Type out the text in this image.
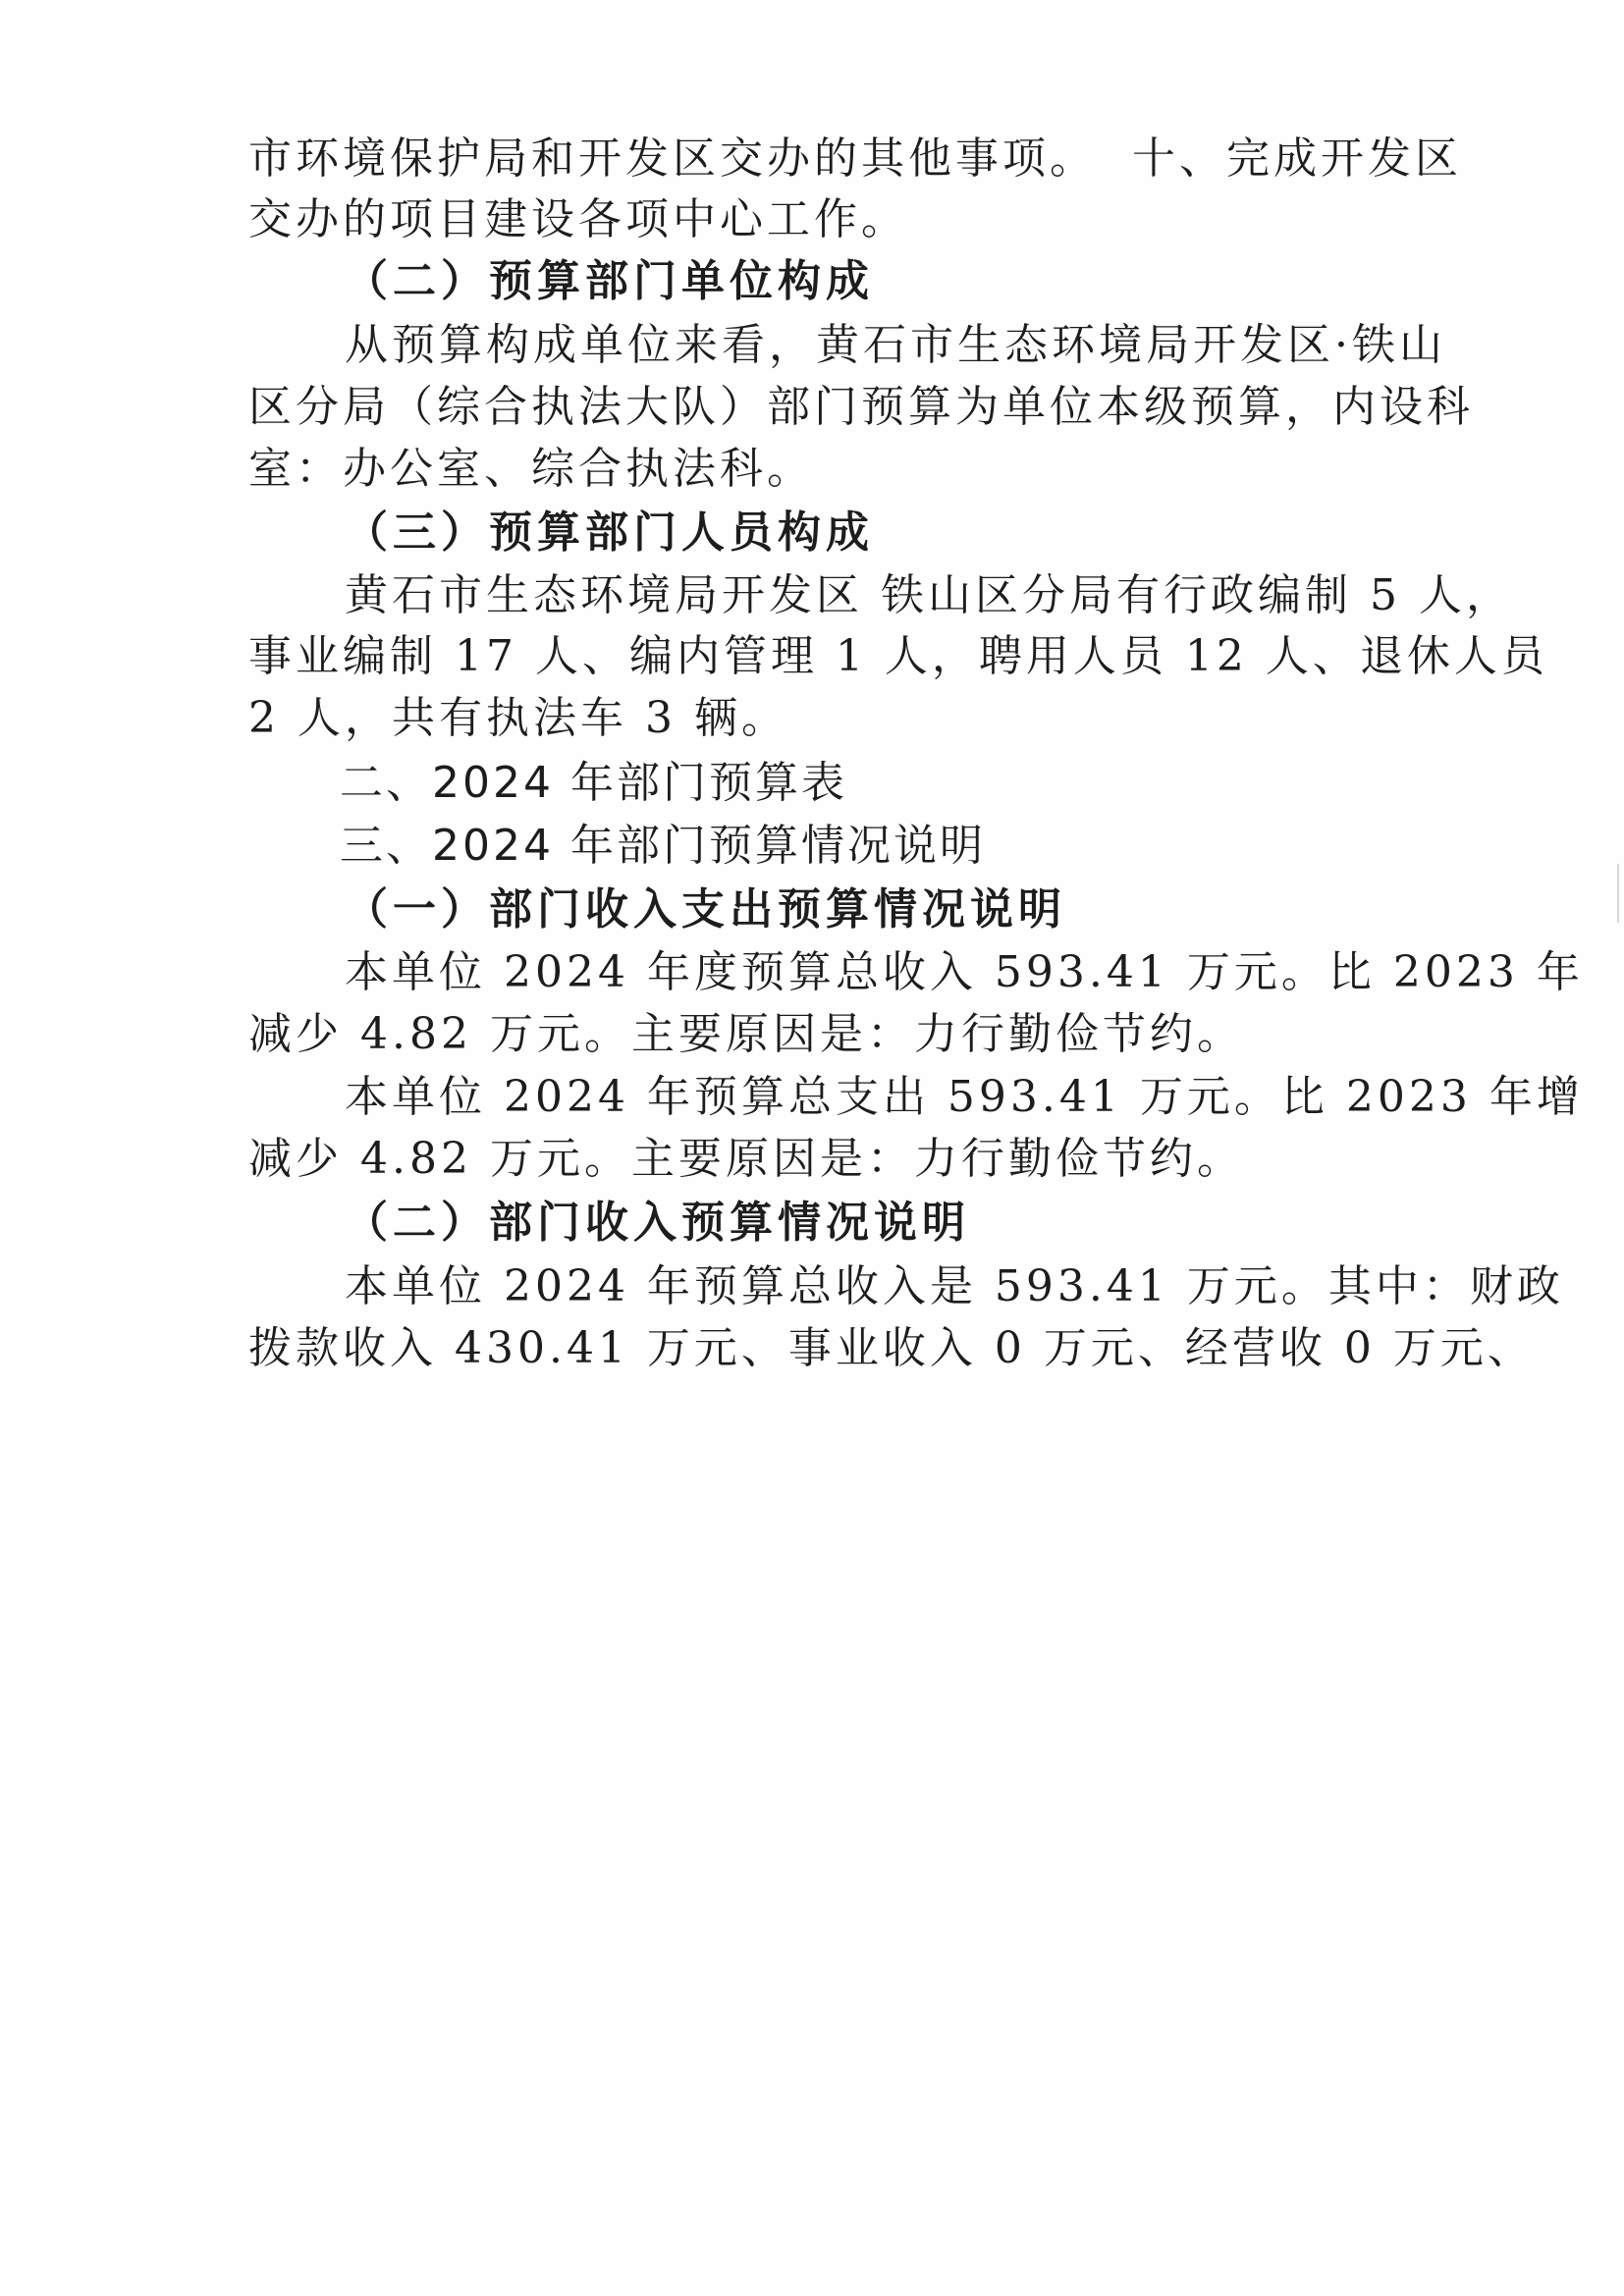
市环境保护局和开发区交办的其他事项。  十、完成开发区
交办的项目建设各项中心工作。
（二）预算部门单位构成
从预算构成单位来看，黄石市生态环境局开发区·铁山
区分局（综合执法大队）部门预算为单位本级预算，内设科
室：办公室、综合执法科。
（三）预算部门人员构成
黄石市生态环境局开发区 铁山区分局有行政编制 5 人，
事业编制 17 人、编内管理 1 人，聘用人员 12 人、退休人员
2 人，共有执法车 3 辆。
二、2024 年部门预算表
三、2024 年部门预算情况说明
（一）部门收入支出预算情况说明
本单位 2024 年度预算总收入 593.41 万元。比 2023 年
减少 4.82 万元。主要原因是：力行勤俭节约。
本单位 2024 年预算总支出 593.41 万元。比 2023 年增
减少 4.82 万元。主要原因是：力行勤俭节约。
（二）部门收入预算情况说明
本单位 2024 年预算总收入是 593.41 万元。其中：财政
拨款收入 430.41 万元、事业收入 0 万元、经营收 0 万元、
